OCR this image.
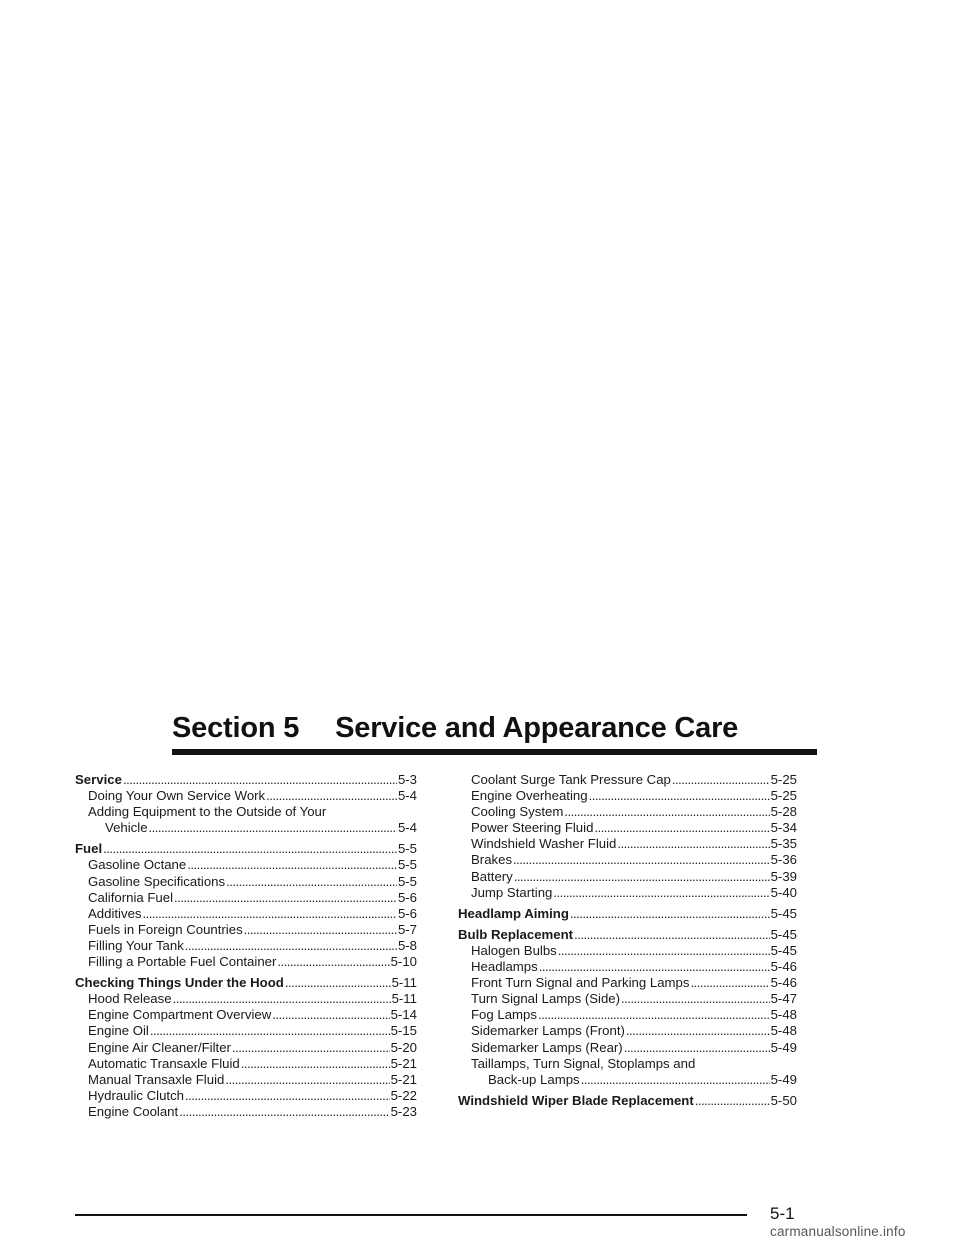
Section 5 Service and Appearance Care
Service . . .	5-3
Doing Your Own Service Work . . .	5-4
Adding Equipment to the Outside of Your
Vehicle . . .	5-4
Fuel . . .	5-5
Gasoline Octane . . .	5-5
Gasoline Specifications . . .	5-5
California Fuel . . .	5-6
Additives . . .	5-6
Fuels in Foreign Countries . . .	5-7
Filling Your Tank . . .	5-8
Filling a Portable Fuel Container . . .	5-10
Checking Things Under the Hood . . .	5-11
Hood Release . . .	5-11
Engine Compartment Overview . . .	5-14
Engine Oil . . .	5-15
Engine Air Cleaner/Filter . . .	5-20
Automatic Transaxle Fluid . . .	5-21
Manual Transaxle Fluid . . .	5-21
Hydraulic Clutch . . .	5-22
Engine Coolant . . .	5-23
Coolant Surge Tank Pressure Cap . . .	5-25
Engine Overheating . . .	5-25
Cooling System . . .	5-28
Power Steering Fluid . . .	5-34
Windshield Washer Fluid . . .	5-35
Brakes . . .	5-36
Battery . . .	5-39
Jump Starting . . .	5-40
Headlamp Aiming . . .	5-45
Bulb Replacement . . .	5-45
Halogen Bulbs . . .	5-45
Headlamps . . .	5-46
Front Turn Signal and Parking Lamps . . .	5-46
Turn Signal Lamps (Side) . . .	5-47
Fog Lamps . . .	5-48
Sidemarker Lamps (Front) . . .	5-48
Sidemarker Lamps (Rear) . . .	5-49
Taillamps, Turn Signal, Stoplamps and
Back-up Lamps . . .	5-49
Windshield Wiper Blade Replacement . . .	5-50
5-1
carmanualsonline.info
